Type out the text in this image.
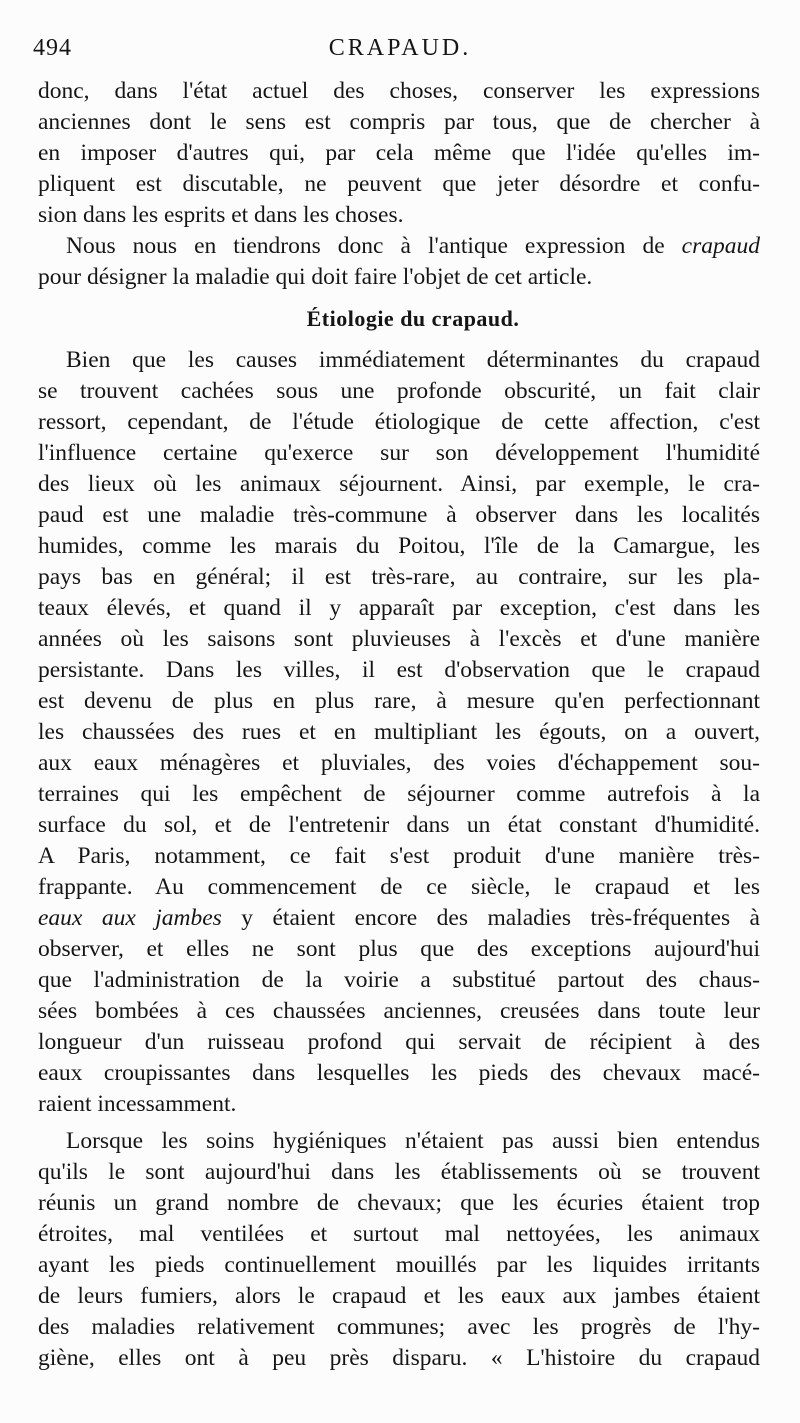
494	CRAPAUD.
donc, dans l'état actuel des choses, conserver les expressions
anciennes dont le sens est compris par tous, que de chercher à
en imposer d'autres qui, par cela même que l'idée qu'elles im-
pliquent est discutable, ne peuvent que jeter désordre et confu-
sion dans les esprits et dans les choses.
Nous nous en tiendrons donc à l'antique expression de crapaud
pour désigner la maladie qui doit faire l'objet de cet article.
Étiologie du crapaud.
Bien que les causes immédiatement déterminantes du crapaud
se trouvent cachées sous une profonde obscurité, un fait clair
ressort, cependant, de l'étude étiologique de cette affection, c'est
l'influence certaine qu'exerce sur son développement l'humidité
des lieux où les animaux séjournent. Ainsi, par exemple, le cra-
paud est une maladie très-commune à observer dans les localités
humides, comme les marais du Poitou, l'île de la Camargue, les
pays bas en général; il est très-rare, au contraire, sur les pla-
teaux élevés, et quand il y apparaît par exception, c'est dans les
années où les saisons sont pluvieuses à l'excès et d'une manière
persistante. Dans les villes, il est d'observation que le crapaud
est devenu de plus en plus rare, à mesure qu'en perfectionnant
les chaussées des rues et en multipliant les égouts, on a ouvert,
aux eaux ménagères et pluviales, des voies d'échappement sou-
terraines qui les empêchent de séjourner comme autrefois à la
surface du sol, et de l'entretenir dans un état constant d'humidité.
A Paris, notamment, ce fait s'est produit d'une manière très-
frappante. Au commencement de ce siècle, le crapaud et les
eaux aux jambes y étaient encore des maladies très-fréquentes à
observer, et elles ne sont plus que des exceptions aujourd'hui
que l'administration de la voirie a substitué partout des chaus-
sées bombées à ces chaussées anciennes, creusées dans toute leur
longueur d'un ruisseau profond qui servait de récipient à des
eaux croupissantes dans lesquelles les pieds des chevaux macé-
raient incessamment.
Lorsque les soins hygiéniques n'étaient pas aussi bien entendus
qu'ils le sont aujourd'hui dans les établissements où se trouvent
réunis un grand nombre de chevaux; que les écuries étaient trop
étroites, mal ventilées et surtout mal nettoyées, les animaux
ayant les pieds continuellement mouillés par les liquides irritants
de leurs fumiers, alors le crapaud et les eaux aux jambes étaient
des maladies relativement communes; avec les progrès de l'hy-
giène, elles ont à peu près disparu. « L'histoire du crapaud
